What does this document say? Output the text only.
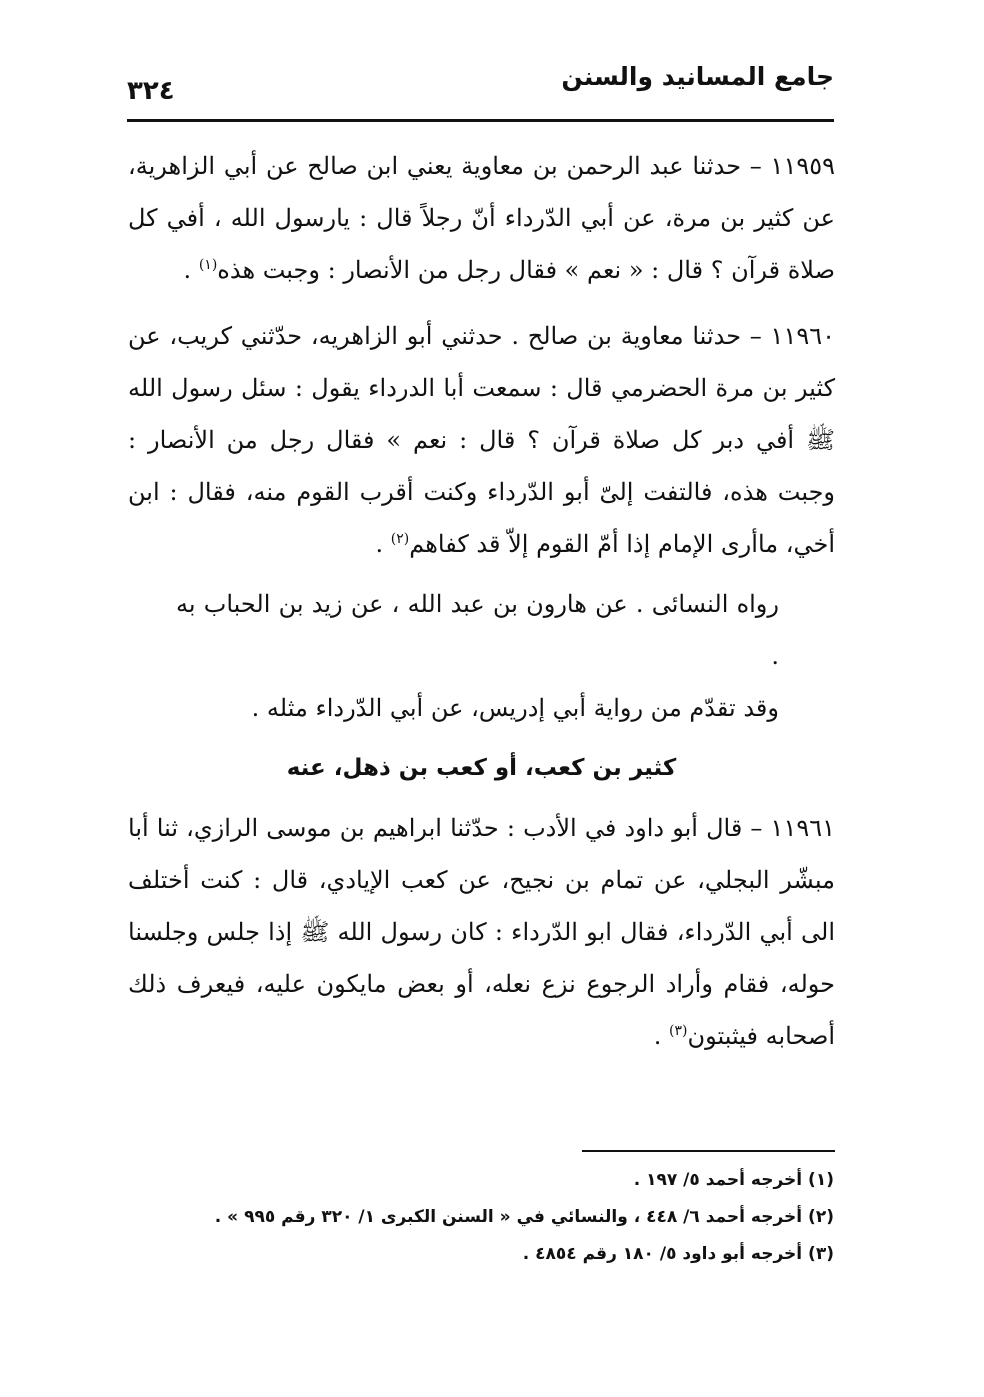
جامع المسانيد والسنن
٣٢٤

١١٩٥٩ – حدثنا عبد الرحمن بن معاوية يعني ابن صالح عن أبي الزاهرية، عن كثير بن مرة، عن أبي الدّرداء أنّ رجلاً قال : يارسول الله ، أفي كل صلاة قرآن ؟ قال : « نعم » فقال رجل من الأنصار : وجبت هذه$^{(١)}$ .

١١٩٦٠ – حدثنا معاوية بن صالح . حدثني أبو الزاهريه، حدّثني كريب، عن كثير بن مرة الحضرمي قال : سمعت أبا الدرداء يقول : سئل رسول الله ﷺ أفي دبر كل صلاة قرآن ؟ قال : نعم » فقال رجل من الأنصار : وجبت هذه، فالتفت إلىّ أبو الدّرداء وكنت أقرب القوم منه، فقال : ابن أخي، ماأرى الإمام إذا أمّ القوم إلاّ قد كفاهم$^{(٢)}$ .

رواه النسائى . عن هارون بن عبد الله ، عن زيد بن الحباب به .

وقد تقدّم من رواية أبي إدريس، عن أبي الدّرداء مثله .

كثير بن كعب، أو كعب بن ذهل، عنه

١١٩٦١ – قال أبو داود في الأدب : حدّثنا ابراهيم بن موسى الرازي، ثنا أبا مبشّر البجلي، عن تمام بن نجيح، عن كعب الإيادي، قال : كنت أختلف الى أبي الدّرداء، فقال ابو الدّرداء : كان رسول الله ﷺ إذا جلس وجلسنا حوله، فقام وأراد الرجوع نزع نعله، أو بعض مايكون عليه، فيعرف ذلك أصحابه فيثبتون$^{(٣)}$ .

(١) أخرجه أحمد ٥/ ١٩٧ .

(٢) أخرجه أحمد ٦/ ٤٤٨ ، والنسائي في « السنن الكبرى ١/ ٣٢٠ رقم ٩٩٥ » .

(٣) أخرجه أبو داود ٥/ ١٨٠ رقم ٤٨٥٤ .
